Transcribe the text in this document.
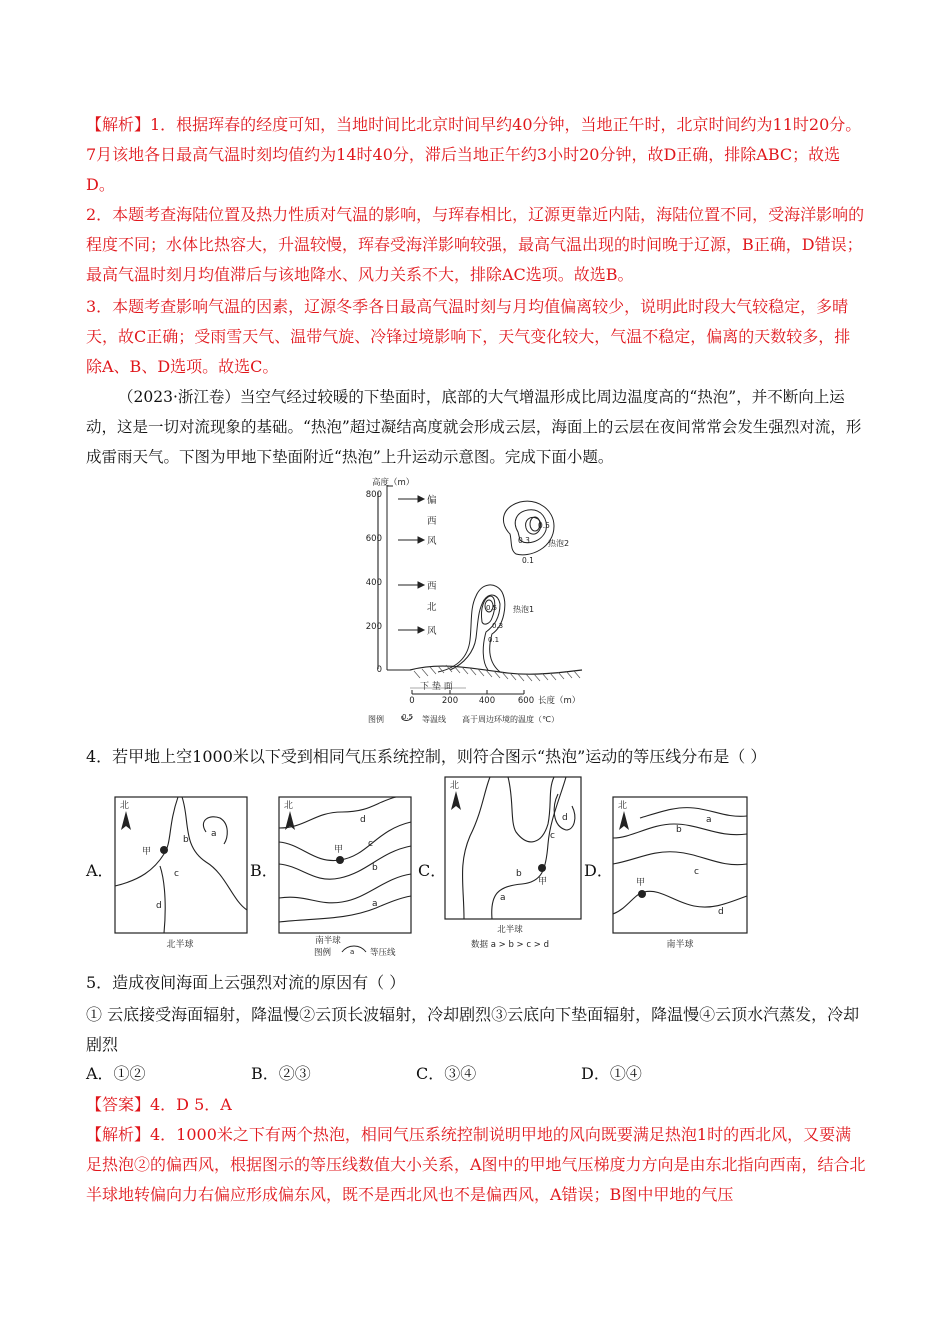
【解析】1．根据珲春的经度可知，当地时间比北京时间早约40分钟，当地正午时，北京时间约为11时20分。7月该地各日最高气温时刻均值约为14时40分，滞后当地正午约3小时20分钟，故D正确，排除ABC；故选D。

2．本题考查海陆位置及热力性质对气温的影响，与珲春相比，辽源更靠近内陆，海陆位置不同，受海洋影响的程度不同；水体比热容大，升温较慢，珲春受海洋影响较强，最高气温出现的时间晚于辽源，B正确，D错误；最高气温时刻月均值滞后与该地降水、风力关系不大，排除AC选项。故选B。

3．本题考查影响气温的因素，辽源冬季各日最高气温时刻与月均值偏离较少，说明此时段大气较稳定，多晴天，故C正确；受雨雪天气、温带气旋、冷锋过境影响下，天气变化较大，气温不稳定，偏离的天数较多，排除A、B、D选项。故选C。

（2023·浙江卷）当空气经过较暖的下垫面时，底部的大气增温形成比周边温度高的“热泡”，并不断向上运动，这是一切对流现象的基础。“热泡”超过凝结高度就会形成云层，海面上的云层在夜间常常会发生强烈对流，形成雷雨天气。下图为甲地下垫面附近“热泡”上升运动示意图。完成下面小题。

高度（m）
800
600
400
200
0
偏
西
风
西
北
风
0.5
0.3
0.1
热泡2
0.5
0.3
0.1
热泡1
下 垫 面
0	200 400	600 长度（m）
图例	0.5 等温线 高于周边环境的温度（℃）

4．若甲地上空1000米以下受到相同气压系统控制，则符合图示“热泡”运动的等压线分布是（ ）

A．
北
甲
a
b
c
d
北半球
B．
北
甲
d
c
b
a
南半球
图例	a 等压线
C．
北
甲
d
c
b
a
北半球
数据 a > b > c > d
D．
北
甲
a
b
c
d
南半球

5．造成夜间海面上云强烈对流的原因有（ ）

① 云底接受海面辐射，降温慢②云顶长波辐射，冷却剧烈③云底向下垫面辐射，降温慢④云顶水汽蒸发，冷却剧烈

A．①②	B．②③	C．③④	D．①④

【答案】4．D 5．A

【解析】4．1000米之下有两个热泡，相同气压系统控制说明甲地的风向既要满足热泡1时的西北风，又要满足热泡②的偏西风，根据图示的等压线数值大小关系，A图中的甲地气压梯度力方向是由东北指向西南，结合北半球地转偏向力右偏应形成偏东风，既不是西北风也不是偏西风，A错误；B图中甲地的气压
